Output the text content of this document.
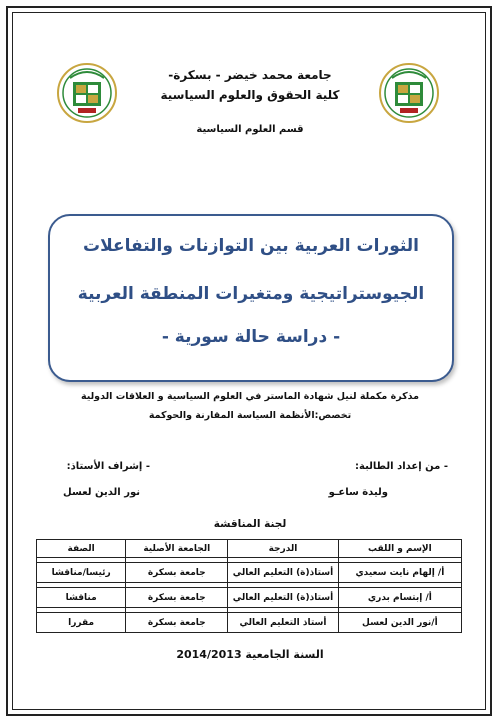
جامعة محمد خيضر - بسكرة-
كلية الحقوق والعلوم السياسية
قسم العلوم السياسية
الثورات العربية بين التوازنات والتفاعلات
الجيوستراتيجية ومتغيرات المنطقة العربية
- دراسة حالة سورية -
مذكرة مكملة لنيل شهادة الماستر في العلوم السياسية و العلاقات الدولية
تخصص:الأنظمة السياسة المقارنة والحوكمة
- من إعداد الطالبة:
- إشراف الأستاذ:
وليدة ساعـو
نور الدين لعسل
لجنة المناقشة
الإسم و اللقب	الدرجة	الجامعة الأصلية	الصفة

أ/ إلهام نايت سعيدي	أستاذ(ة) التعليم العالي	جامعة بسكرة	رئيسا/مناقشا

أ/ إبتسام بدري	أستاذ(ة) التعليم العالي	جامعة بسكرة	مناقشا

أ/نور الدين لعسل	أستاذ التعليم العالي	جامعة بسكرة	مقررا
السنة الجامعية 2014/2013
